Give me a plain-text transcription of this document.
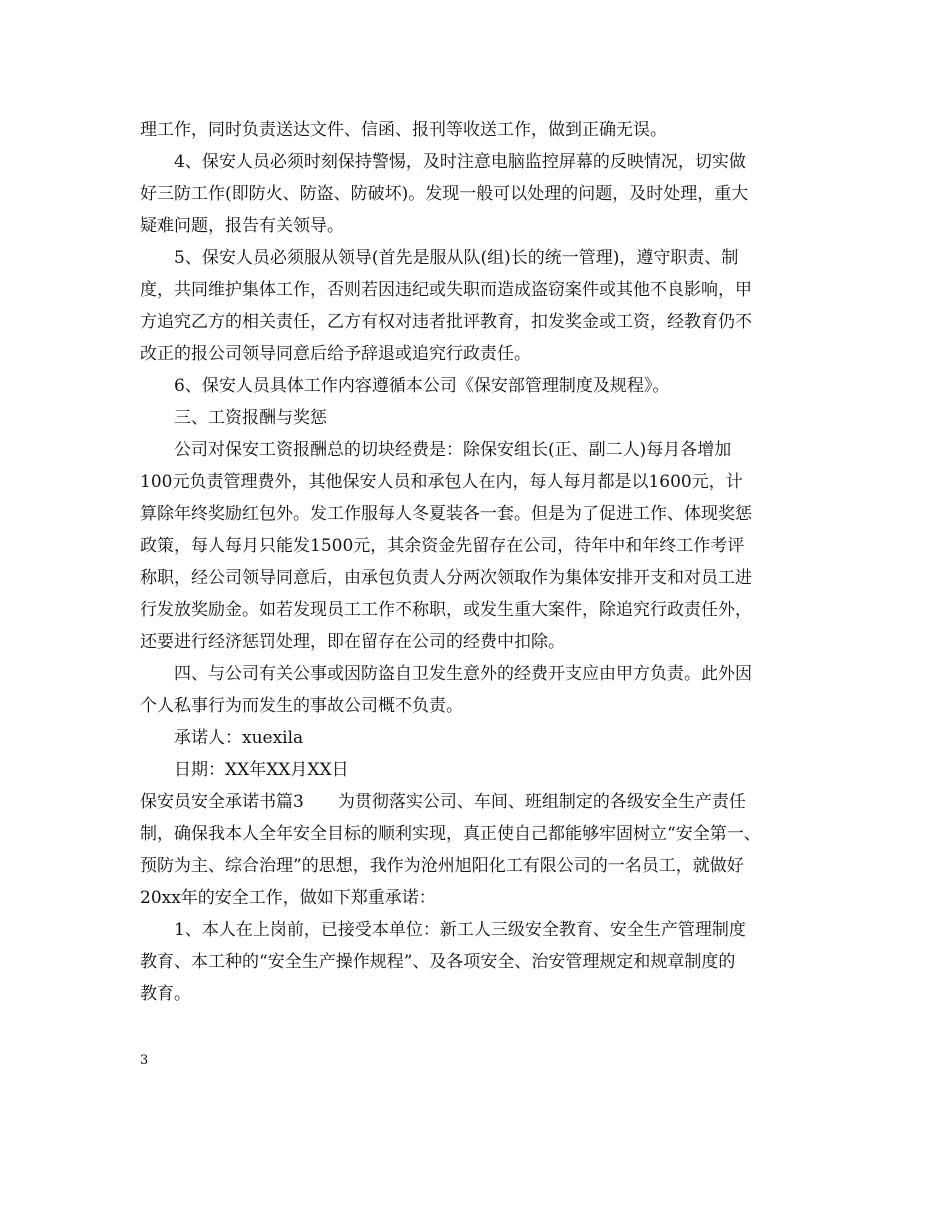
理工作，同时负责送达文件、信函、报刊等收送工作，做到正确无误。
4、保安人员必须时刻保持警惕，及时注意电脑监控屏幕的反映情况，切实做
好三防工作(即防火、防盗、防破坏)。发现一般可以处理的问题，及时处理，重大
疑难问题，报告有关领导。
5、保安人员必须服从领导(首先是服从队(组)长的统一管理)，遵守职责、制
度，共同维护集体工作，否则若因违纪或失职而造成盗窃案件或其他不良影响，甲
方追究乙方的相关责任，乙方有权对违者批评教育，扣发奖金或工资，经教育仍不
改正的报公司领导同意后给予辞退或追究行政责任。
6、保安人员具体工作内容遵循本公司《保安部管理制度及规程》。
三、工资报酬与奖惩
公司对保安工资报酬总的切块经费是：除保安组长(正、副二人)每月各增加
100元负责管理费外，其他保安人员和承包人在内，每人每月都是以1600元，计
算除年终奖励红包外。发工作服每人冬夏装各一套。但是为了促进工作、体现奖惩
政策，每人每月只能发1500元，其余资金先留存在公司，待年中和年终工作考评
称职，经公司领导同意后，由承包负责人分两次领取作为集体安排开支和对员工进
行发放奖励金。如若发现员工工作不称职，或发生重大案件，除追究行政责任外，
还要进行经济惩罚处理，即在留存在公司的经费中扣除。
四、与公司有关公事或因防盗自卫发生意外的经费开支应由甲方负责。此外因
个人私事行为而发生的事故公司概不负责。
承诺人：xuexila
日期：XX年XX月XX日
保安员安全承诺书篇3　　为贯彻落实公司、车间、班组制定的各级安全生产责任
制，确保我本人全年安全目标的顺利实现，真正使自己都能够牢固树立“安全第一、
预防为主、综合治理”的思想，我作为沧州旭阳化工有限公司的一名员工，就做好
20xx年的安全工作，做如下郑重承诺：
1、本人在上岗前，已接受本单位：新工人三级安全教育、安全生产管理制度
教育、本工种的“安全生产操作规程”、及各项安全、治安管理规定和规章制度的
教育。
3
